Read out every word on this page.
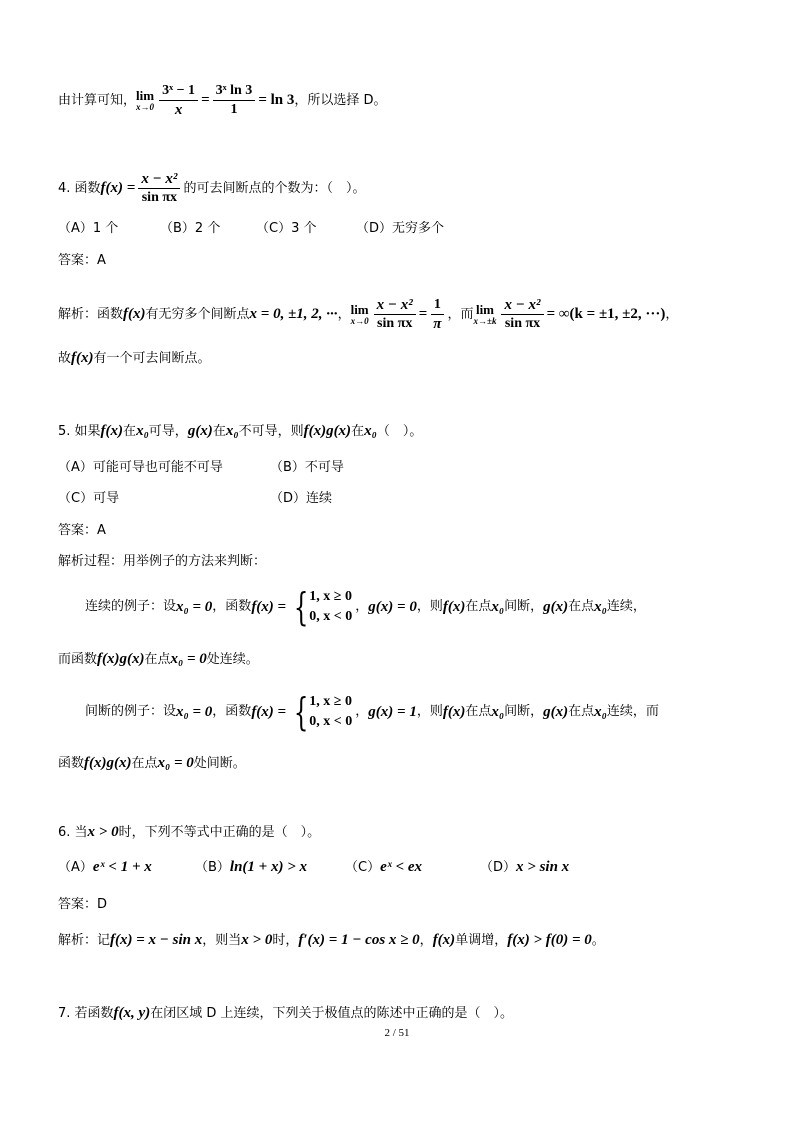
由计算可知， lim
$x\to 0 \frac{\text{3ˣ − 1}}{x} = \frac{\text{3ˣ ln 3}}{1} = \ln 3$，所以选择 D。
4. 函数$f(x) = \frac{\text{x − x²}}{\text{sin πx}}$ 的可去间断点的个数为：（　）。
（A）1 个	（B）2 个	（C）3 个	（D）无穷多个
答案：A
解析：函数f(x)有无穷多个间断点x = 0, ±1, 2, ···， lim
$x\to 0 \frac{\text{x − x²}}{\text{sin πx}} = \frac{1}{\pi}$ ，而 lim
$x\to\pm k \frac{\text{x − x²}}{\text{sin πx}} = \infty(k = \pm 1$, ±2, ···)，
故f(x)有一个可去间断点。
5. 如果f(x)在x₀可导，g(x)在x₀不可导，则f(x)g(x)在x₀（　）。
（A）可能可导也可能不可导	（B）不可导
（C）可导	（D）连续
答案：A
解析过程：用举例子的方法来判断：
连续的例子：设 x₀ = 0 ，函数 f(x) = { 1, x ≥ 0
0, x < 0
， g(x) = 0 ，则 f(x) 在点 x₀ 间断， g(x) 在点 x₀ 连续，
而函数f(x)g(x)在点x₀ = 0处连续。
间断的例子：设 x₀ = 0 ，函数 f(x) = { 1, x ≥ 0
0, x < 0
， g(x) = 1 ，则 f(x) 在点 x₀ 间断， g(x) 在点 x₀ 连续，而
函数f(x)g(x)在点x₀ = 0处间断。
6. 当x > 0时，下列不等式中正确的是（　）。
（A）eˣ < 1 + x	（B）ln(1 + x) > x	（C）eˣ < ex	（D）x > sin x
答案：D
解析：记f(x) = x − sin x，则当x > 0时，f′(x) = 1 − cos x ≥ 0，f(x)单调增，f(x) > f(0) = 0。
7. 若函数f(x, y)在闭区域 D 上连续，下列关于极值点的陈述中正确的是（　）。
2 / 51
